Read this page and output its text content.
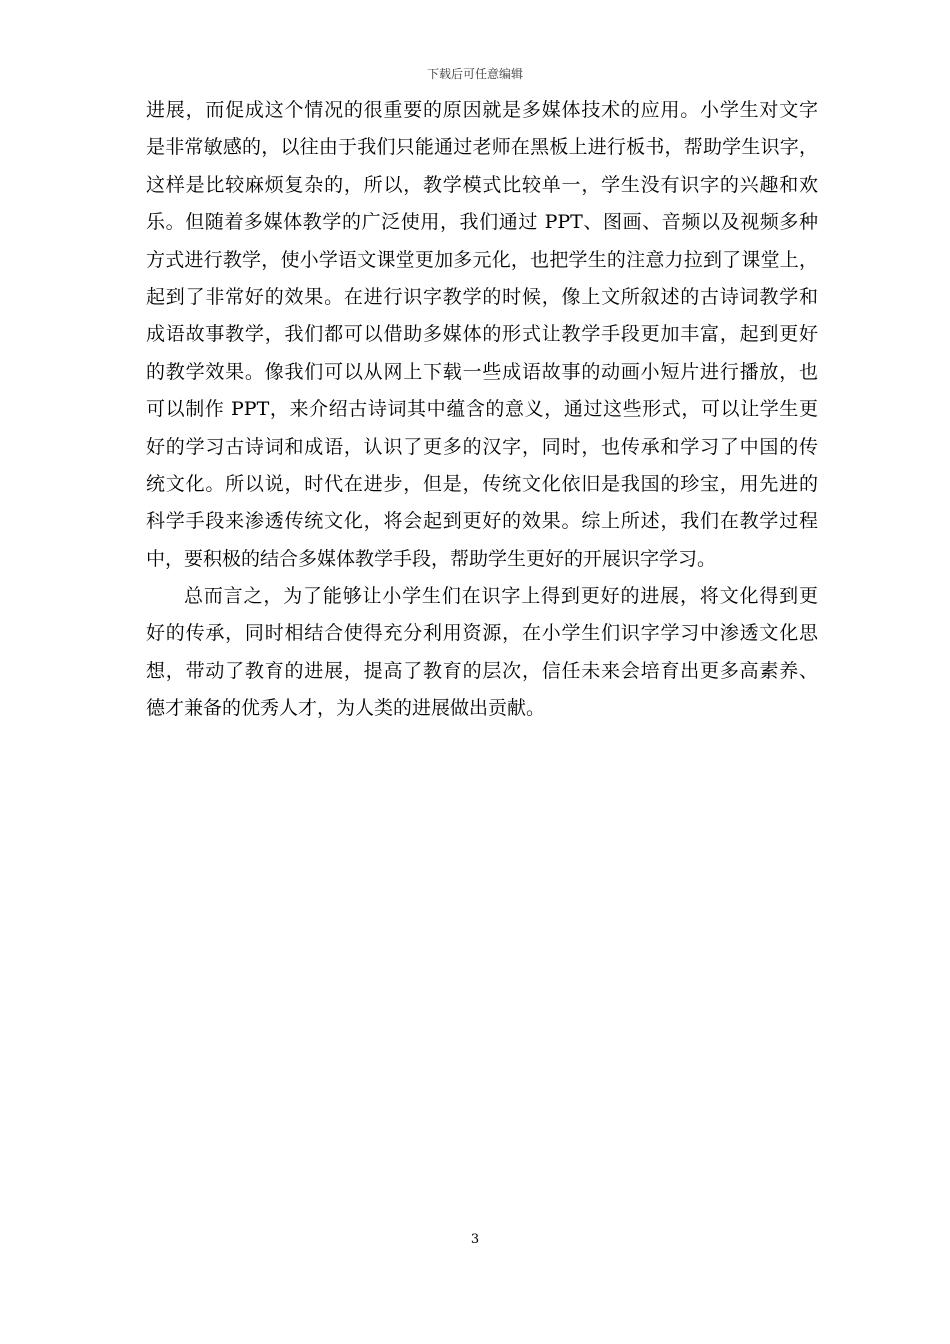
下载后可任意编辑
进展，而促成这个情况的很重要的原因就是多媒体技术的应用。小学生对文字
是非常敏感的，以往由于我们只能通过老师在黑板上进行板书，帮助学生识字，
这样是比较麻烦复杂的，所以，教学模式比较单一，学生没有识字的兴趣和欢
乐。但随着多媒体教学的广泛使用，我们通过 PPT、图画、音频以及视频多种
方式进行教学，使小学语文课堂更加多元化，也把学生的注意力拉到了课堂上，
起到了非常好的效果。在进行识字教学的时候，像上文所叙述的古诗词教学和
成语故事教学，我们都可以借助多媒体的形式让教学手段更加丰富，起到更好
的教学效果。像我们可以从网上下载一些成语故事的动画小短片进行播放，也
可以制作 PPT，来介绍古诗词其中蕴含的意义，通过这些形式，可以让学生更
好的学习古诗词和成语，认识了更多的汉字，同时，也传承和学习了中国的传
统文化。所以说，时代在进步，但是，传统文化依旧是我国的珍宝，用先进的
科学手段来渗透传统文化，将会起到更好的效果。综上所述，我们在教学过程
中，要积极的结合多媒体教学手段，帮助学生更好的开展识字学习。
总而言之，为了能够让小学生们在识字上得到更好的进展，将文化得到更
好的传承，同时相结合使得充分利用资源，在小学生们识字学习中渗透文化思
想，带动了教育的进展，提高了教育的层次，信任未来会培育出更多高素养、
德才兼备的优秀人才，为人类的进展做出贡献。
3
